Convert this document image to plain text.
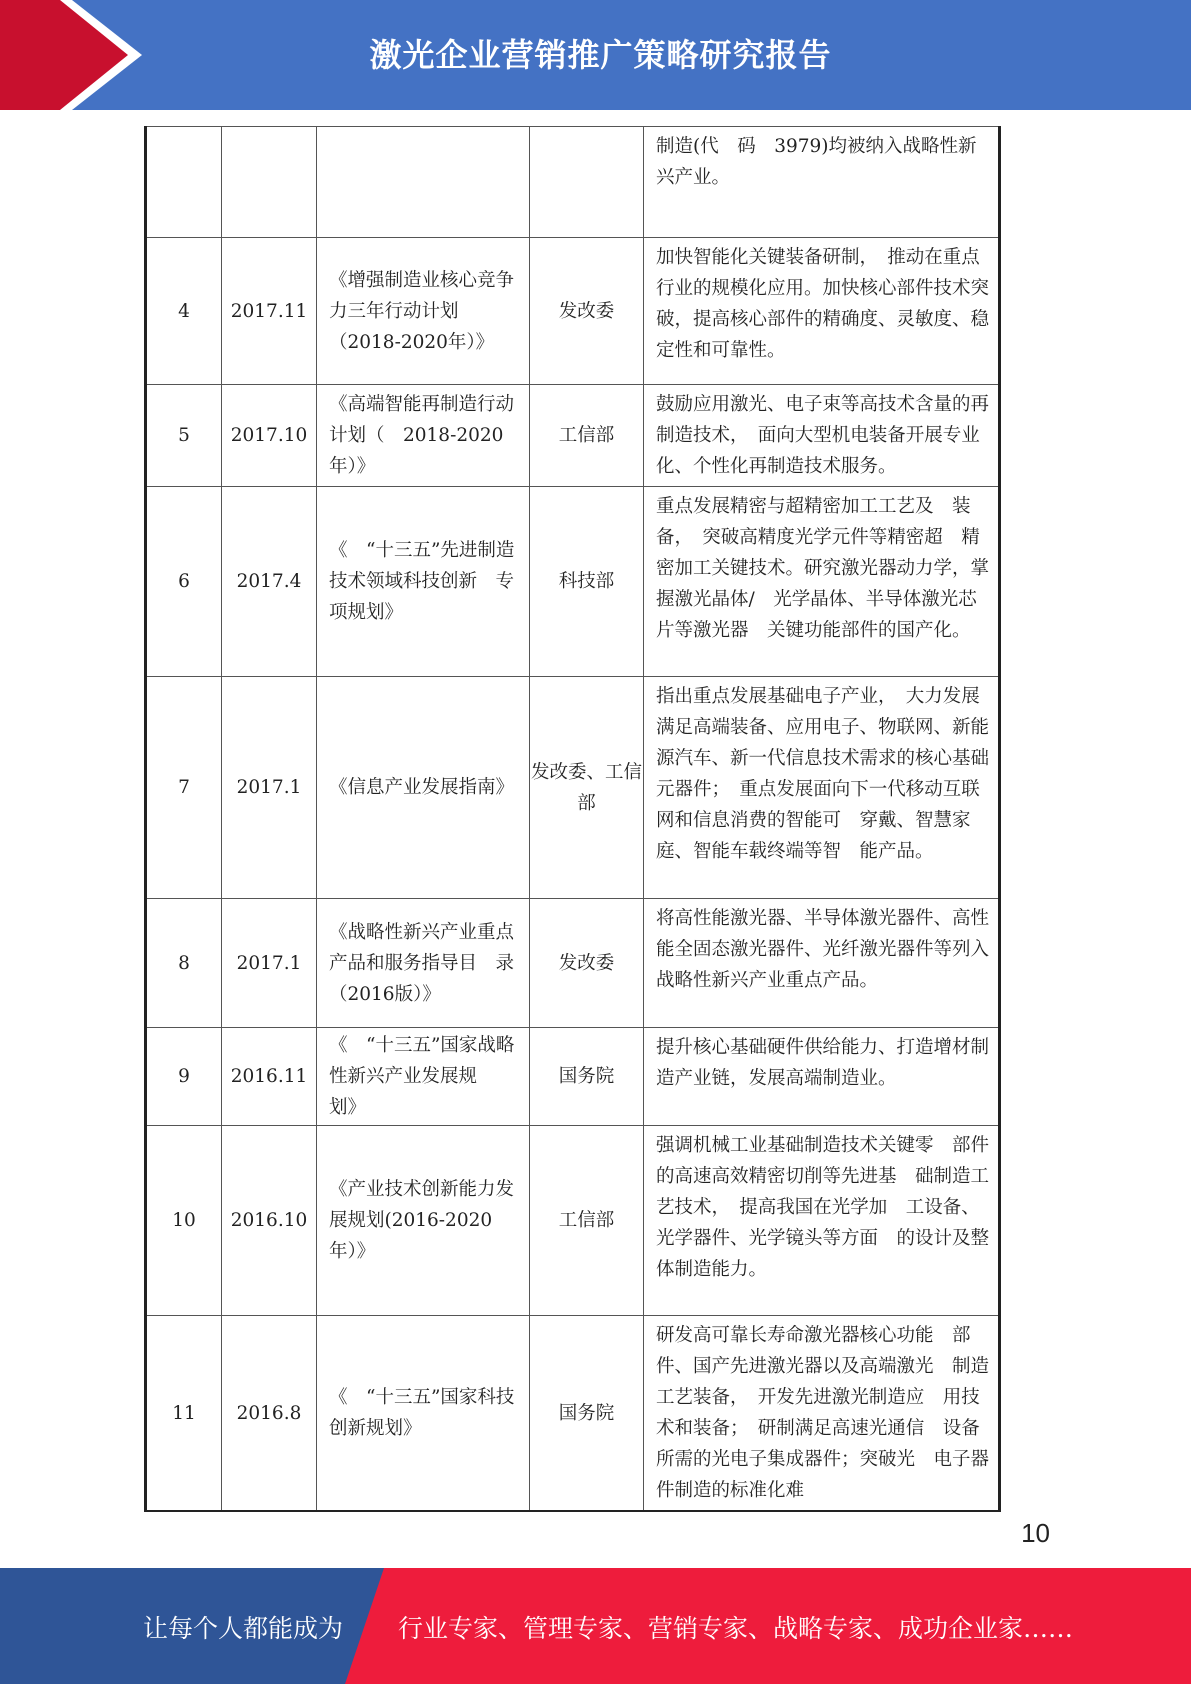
激光企业营销推广策略研究报告
				制造(代　码　3979)均被纳入战略性新兴产业。
4	2017.11	《增强制造业核心竞争力三年行动计划（2018-2020年）》	发改委	加快智能化关键装备研制，　推动在重点行业的规模化应用。加快核心部件技术突破，提高核心部件的精确度、灵敏度、稳定性和可靠性。
5	2017.10	《高端智能再制造行动计划（　2018-2020　年）》	工信部	鼓励应用激光、电子束等高技术含量的再制造技术，　面向大型机电装备开展专业化、个性化再制造技术服务。
6	2017.4	《　“十三五”先进制造技术领域科技创新　专项规划》	科技部	重点发展精密与超精密加工工艺及　装备，　突破高精度光学元件等精密超　精密加工关键技术。研究激光器动力学，掌握激光晶体/　光学晶体、半导体激光芯片等激光器　关键功能部件的国产化。
7	2017.1	《信息产业发展指南》	发改委、工信部	指出重点发展基础电子产业，　大力发展满足高端装备、应用电子、物联网、新能源汽车、新一代信息技术需求的核心基础元器件；　重点发展面向下一代移动互联网和信息消费的智能可　穿戴、智慧家庭、智能车载终端等智　能产品。
8	2017.1	《战略性新兴产业重点产品和服务指导目　录（2016版）》	发改委	将高性能激光器、半导体激光器件、高性能全固态激光器件、光纤激光器件等列入战略性新兴产业重点产品。
9	2016.11	《　“十三五”国家战略性新兴产业发展规　划》	国务院	提升核心基础硬件供给能力、打造增材制造产业链，发展高端制造业。
10	2016.10	《产业技术创新能力发展规划(2016-2020　年）》	工信部	强调机械工业基础制造技术关键零　部件的高速高效精密切削等先进基　础制造工艺技术，　提高我国在光学加　工设备、光学器件、光学镜头等方面　的设计及整体制造能力。
11	2016.8	《　“十三五”国家科技创新规划》	国务院	研发高可靠长寿命激光器核心功能　部件、国产先进激光器以及高端激光　制造工艺装备，　开发先进激光制造应　用技术和装备；　研制满足高速光通信　设备所需的光电子集成器件；突破光　电子器件制造的标准化难
10
让每个人都能成为 行业专家、管理专家、营销专家、战略专家、成功企业家……
